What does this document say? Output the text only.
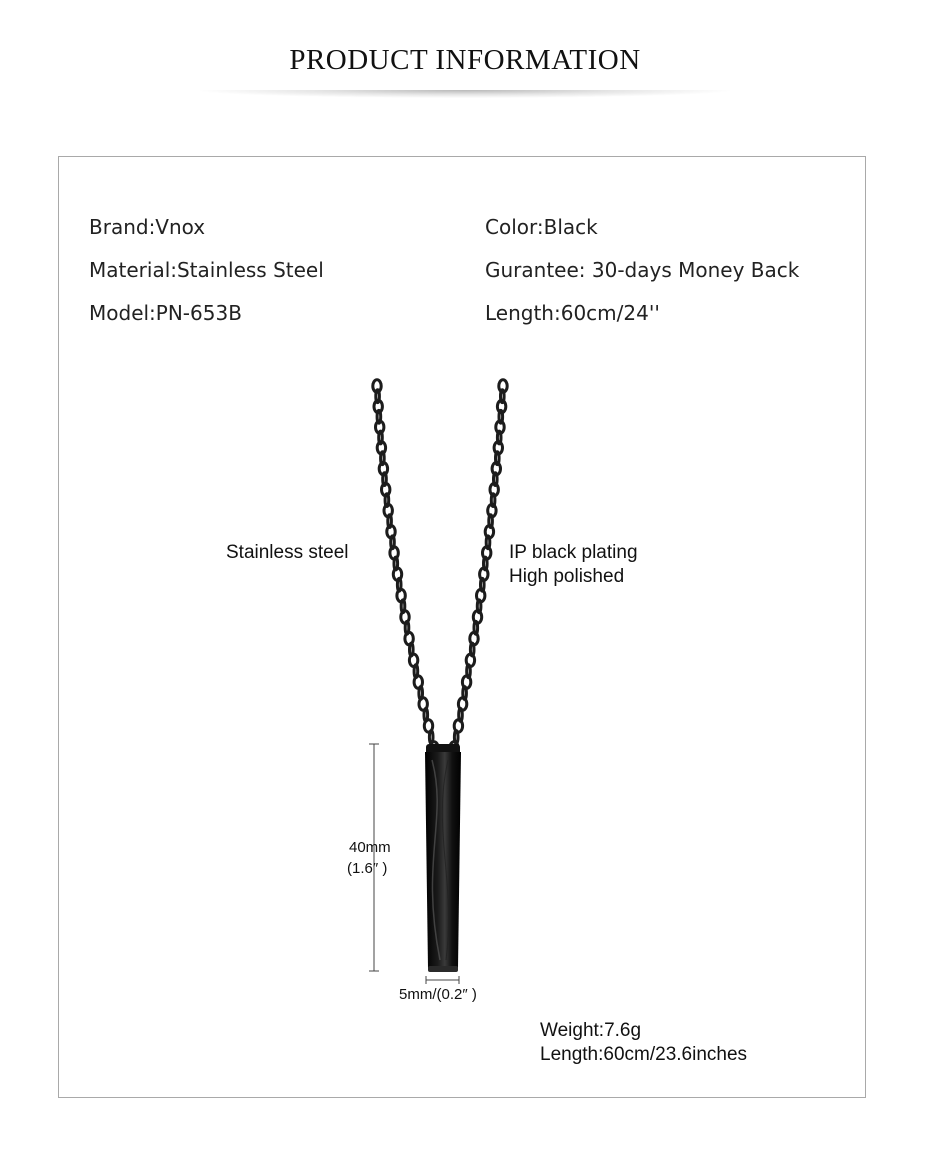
PRODUCT INFORMATION
Brand:Vnox
Material:Stainless Steel
Model:PN-653B
Color:Black
Gurantee: 30-days Money Back
Length:60cm/24''
Stainless steel	IP black plating
High polished
40mm
(1.6″ )
5mm/(0.2″ )
Weight:7.6g
Length:60cm/23.6inches
